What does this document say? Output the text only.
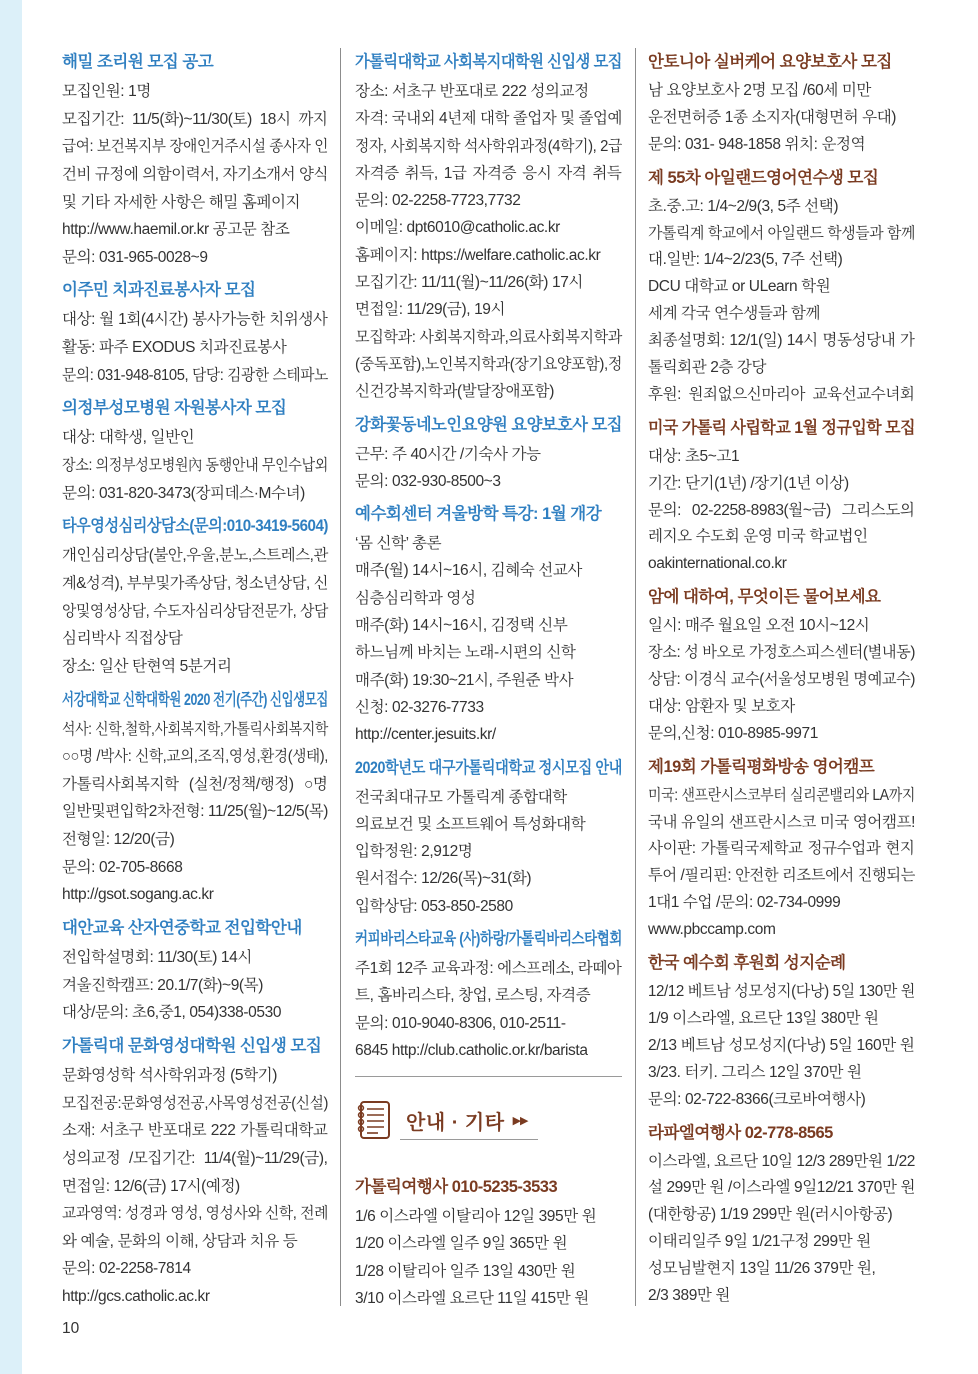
해밀 조리원 모집 공고
모집인원: 1명
모집기간: 11/5(화)~11/30(토) 18시 까지
급여: 보건복지부 장애인거주시설 종사자 인
건비 규정에 의함이력서, 자기소개서 양식
및 기타 자세한 사항은 해밀 홈페이지
http://www.haemil.or.kr 공고문 참조
문의: 031-965-0028~9
이주민 치과진료봉사자 모집
대상: 월 1회(4시간) 봉사가능한 치위생사
활동: 파주 EXODUS 치과진료봉사
문의: 031-948-8105, 담당: 김광한 스테파노
의정부성모병원 자원봉사자 모집
대상: 대학생, 일반인
장소: 의정부성모병원內 동행안내 무인수납외
문의: 031-820-3473(장피데스·M수녀)
타우영성심리상담소(문의:010-3419-5604)
개인심리상담(불안,우울,분노,스트레스,관
계&성격), 부부및가족상담, 청소년상담, 신
앙및영성상담, 수도자심리상담전문가, 상담
심리박사 직접상담
장소: 일산 탄현역 5분거리
서강대학교 신학대학원 2020 전기(주간) 신입생모집
석사: 신학,철학,사회복지학,가톨릭사회복지학
○○명 /박사: 신학,교의,조직,영성,환경(생태),
가톨릭사회복지학 (실천/정책/행정) ○명
일반및편입학2차전형: 11/25(월)~12/5(목)
전형일: 12/20(금)
문의: 02-705-8668
http://gsot.sogang.ac.kr
대안교육 산자연중학교 전입학안내
전입학설명회: 11/30(토) 14시
겨울진학캠프: 20.1/7(화)~9(목)
대상/문의: 초6,중1, 054)338-0530
가톨릭대 문화영성대학원 신입생 모집
문화영성학 석사학위과정 (5학기)
모집전공:문화영성전공,사목영성전공(신설)
소재: 서초구 반포대로 222 가톨릭대학교
성의교정 /모집기간: 11/4(월)~11/29(금),
면접일: 12/6(금) 17시(예정)
교과영역: 성경과 영성, 영성사와 신학, 전례
와 예술, 문화의 이해, 상담과 치유 등
문의: 02-2258-7814
http://gcs.catholic.ac.kr
가톨릭대학교 사회복지대학원 신입생 모집
장소: 서초구 반포대로 222 성의교정
자격: 국내외 4년제 대학 졸업자 및 졸업예
정자, 사회복지학 석사학위과정(4학기), 2급
자격증 취득, 1급 자격증 응시 자격 취득
문의: 02-2258-7723,7732
이메일: dpt6010@catholic.ac.kr
홈페이지: https://welfare.catholic.ac.kr
모집기간: 11/11(월)~11/26(화) 17시
면접일: 11/29(금), 19시
모집학과: 사회복지학과,의료사회복지학과
(중독포함),노인복지학과(장기요양포함),정
신건강복지학과(발달장애포함)
강화꽃동네노인요양원 요양보호사 모집
근무: 주 40시간 /기숙사 가능
문의: 032-930-8500~3
예수회센터 겨울방학 특강: 1월 개강
‘몸 신학’ 총론
매주(월) 14시~16시, 김혜숙 선교사
심층심리학과 영성
매주(화) 14시~16시, 김정택 신부
하느님께 바치는 노래-시편의 신학
매주(화) 19:30~21시, 주원준 박사
신청: 02-3276-7733
http://center.jesuits.kr/
2020학년도 대구가톨릭대학교 정시모집 안내
전국최대규모 가톨릭계 종합대학
의료보건 및 소프트웨어 특성화대학
입학정원: 2,912명
원서접수: 12/26(목)~31(화)
입학상담: 053-850-2580
커피바리스타교육 (사)하랑/가톨릭바리스타협회
주1회 12주 교육과정: 에스프레소, 라떼아
트, 홈바리스타, 창업, 로스팅, 자격증
문의: 010-9040-8306, 010-2511-
6845 http://club.catholic.or.kr/barista
안토니아 실버케어 요양보호사 모집
남 요양보호사 2명 모집 /60세 미만
운전면허증 1종 소지자(대형면허 우대)
문의: 031- 948-1858 위치: 운정역
제 55차 아일랜드영어연수생 모집
초.중.고: 1/4~2/9(3, 5주 선택)
가톨릭계 학교에서 아일랜드 학생들과 함께
대.일반: 1/4~2/23(5, 7주 선택)
DCU 대학교 or ULearn 학원
세계 각국 연수생들과 함께
최종설명회: 12/1(일) 14시 명동성당내 가
톨릭회관 2층 강당
후원: 원죄없으신마리아 교육선교수녀회
미국 가톨릭 사립학교 1월 정규입학 모집
대상: 초5~고1
기간: 단기(1년) /장기(1년 이상)
문의: 02-2258-8983(월~금) 그리스도의
레지오 수도회 운영 미국 학교법인
oakinternational.co.kr
암에 대하여, 무엇이든 물어보세요
일시: 매주 월요일 오전 10시~12시
장소: 성 바오로 가정호스피스센터(별내동)
상담: 이경식 교수(서울성모병원 명예교수)
대상: 암환자 및 보호자
문의,신청: 010-8985-9971
제19회 가톨릭평화방송 영어캠프
미국: 샌프란시스코부터 실리콘밸리와 LA까지
국내 유일의 샌프란시스코 미국 영어캠프!
사이판: 가톨릭국제학교 정규수업과 현지
투어 /필리핀: 안전한 리조트에서 진행되는
1대1 수업 /문의: 02-734-0999
www.pbccamp.com
한국 예수회 후원회 성지순례
12/12 베트남 성모성지(다낭) 5일 130만 원
1/9 이스라엘, 요르단 13일 380만 원
2/13 베트남 성모성지(다낭) 5일 160만 원
3/23. 터키. 그리스 12일 370만 원
문의: 02-722-8366(크로바여행사)
라파엘여행사 02-778-8565
이스라엘, 요르단 10일 12/3 289만원 1/22
설 299만 원 /이스라엘 9일12/21 370만 원
(대한항공) 1/19 299만 원(러시아항공)
이태리일주 9일 1/21구정 299만 원
성모님발현지 13일 11/26 379만 원,
2/3 389만 원
안내 · 기타 ▶▶
가톨릭여행사 010-5235-3533
1/6 이스라엘 이탈리아 12일 395만 원
1/20 이스라엘 일주 9일 365만 원
1/28 이탈리아 일주 13일 430만 원
3/10 이스라엘 요르단 11일 415만 원
10
